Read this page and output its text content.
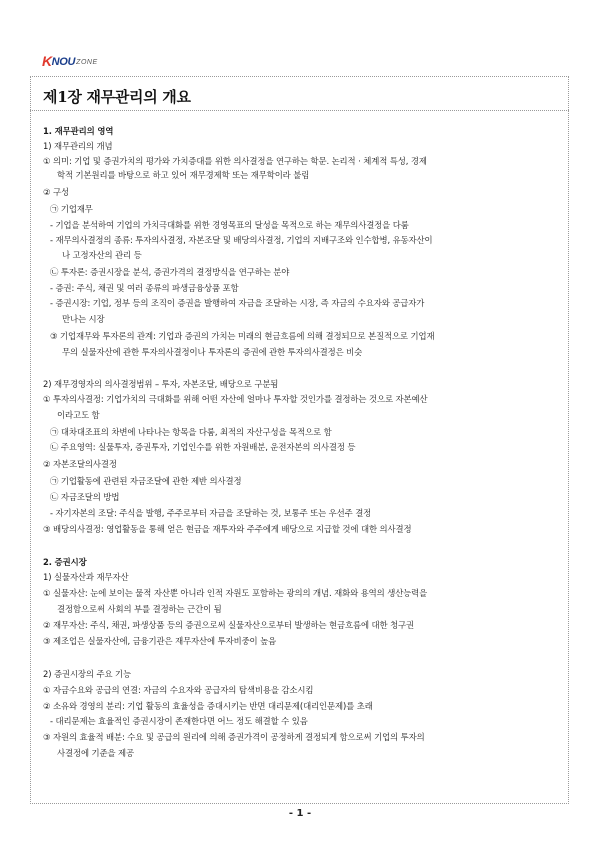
K NOU ZONE
제1장 재무관리의 개요
1. 재무관리의 영역
1) 재무관리의 개념
① 의미: 기업 및 증권가치의 평가와 가치증대를 위한 의사결정을 연구하는 학문. 논리적 · 체계적 특성, 경제
학적 기본원리를 바탕으로 하고 있어 재무경제학 또는 재무학이라 불림
② 구성
㉠ 기업재무
- 기업을 분석하여 기업의 가치극대화를 위한 경영목표의 달성을 목적으로 하는 재무의사결정을 다룸
- 재무의사결정의 종류: 투자의사결정, 자본조달 및 배당의사결정, 기업의 지배구조와 인수합병, 유동자산이
나 고정자산의 관리 등
㉡ 투자론: 증권시장을 분석, 증권가격의 결정방식을 연구하는 분야
- 증권: 주식, 채권 및 여러 종류의 파생금융상품 포함
- 증권시장: 기업, 정부 등의 조직이 증권을 발행하여 자금을 조달하는 시장, 즉 자금의 수요자와 공급자가
만나는 시장
③ 기업재무와 투자론의 관계: 기업과 증권의 가치는 미래의 현금흐름에 의해 결정되므로 본질적으로 기업재
무의 실물자산에 관한 투자의사결정이나 투자론의 증권에 관한 투자의사결정은 비슷
2) 재무경영자의 의사결정범위 – 투자, 자본조달, 배당으로 구분됨
① 투자의사결정: 기업가치의 극대화를 위해 어떤 자산에 얼마나 투자할 것인가를 결정하는 것으로 자본예산
이라고도 함
㉠ 대차대조표의 차변에 나타나는 항목을 다룸, 최적의 자산구성을 목적으로 함
㉡ 주요영역: 실물투자, 증권투자, 기업인수를 위한 자원배분, 운전자본의 의사결정 등
② 자본조달의사결정
㉠ 기업활동에 관련된 자금조달에 관한 제반 의사결정
㉡ 자금조달의 방법
- 자기자본의 조달: 주식을 발행, 주주로부터 자금을 조달하는 것, 보통주 또는 우선주 결정
③ 배당의사결정: 영업활동을 통해 얻은 현금을 재투자와 주주에게 배당으로 지급할 것에 대한 의사결정
2. 증권시장
1) 실물자산과 재무자산
① 실물자산: 눈에 보이는 물적 자산뿐 아니라 인적 자원도 포함하는 광의의 개념. 재화와 용역의 생산능력을
결정함으로써 사회의 부를 결정하는 근간이 됨
② 재무자산: 주식, 채권, 파생상품 등의 증권으로써 실물자산으로부터 발생하는 현금흐름에 대한 청구권
③ 제조업은 실물자산에, 금융기관은 재무자산에 투자비중이 높음
2) 증권시장의 주요 기능
① 자금수요와 공급의 연결: 자금의 수요자와 공급자의 탐색비용을 감소시킴
② 소유와 경영의 분리: 기업 활동의 효율성을 증대시키는 반면 대리문제(대리인문제)를 초래
- 대리문제는 효율적인 증권시장이 존재한다면 어느 정도 해결할 수 있음
③ 자원의 효율적 배분: 수요 및 공급의 원리에 의해 증권가격이 공정하게 결정되게 함으로써 기업의 투자의
사결정에 기준을 제공
- 1 -
